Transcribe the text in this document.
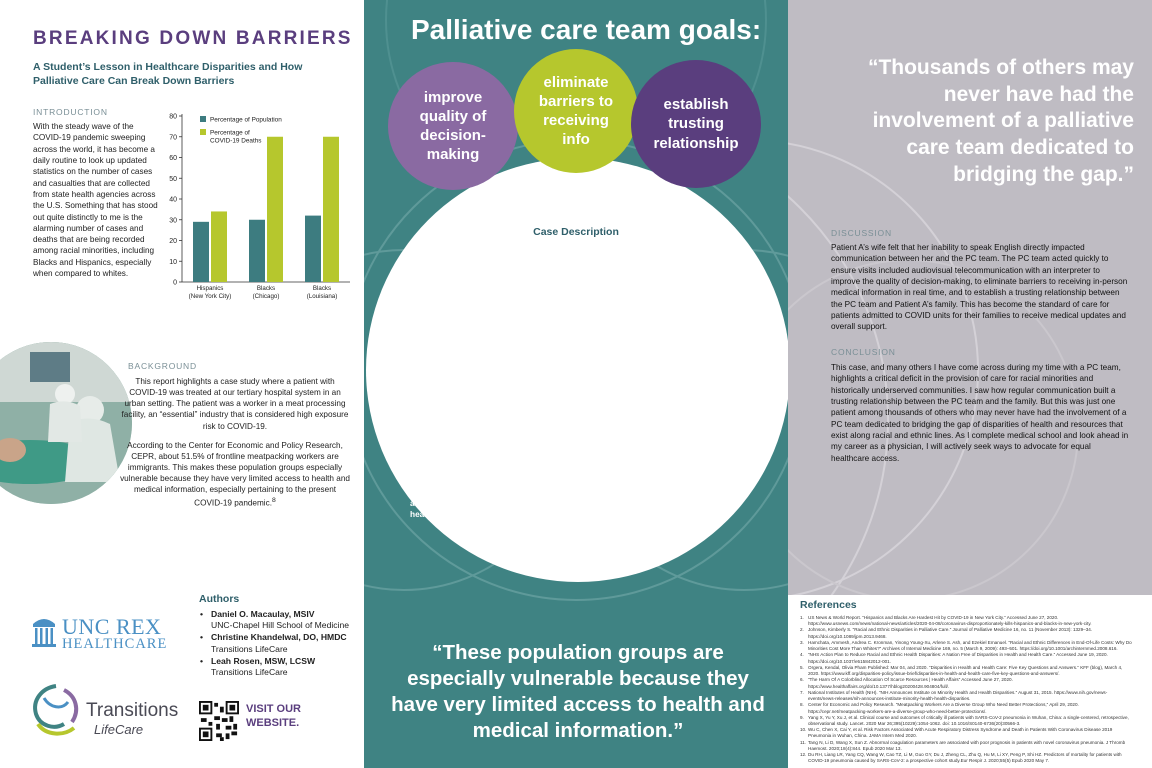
BREAKING DOWN BARRIERS
A Student’s Lesson in Healthcare Disparities and How Palliative Care Can Break Down Barriers
INTRODUCTION
With the steady wave of the COVID-19 pandemic sweeping across the world, it has become a daily routine to look up updated statistics on the number of cases and casualties that are collected from state health agencies across the U.S. Something that has stood out quite distinctly to me is the alarming number of cases and deaths that are being recorded among racial minorities, including Blacks and Hispanics, especially when compared to whites.
0
10
20
30
40
50
60
70
80
Hispanics
(New York City)
Blacks
(Chicago)
Blacks
(Louisiana)
Percentage of Population
Percentage of
COVID-19 Deaths
BACKGROUND

This report highlights a case study where a patient with COVID-19 was treated at our tertiary hospital system in an urban setting. The patient was a worker in a meat processing facility, an “essential” industry that is considered high exposure risk to COVID-19.

According to the Center for Economic and Policy Research, CEPR, about 51.5% of frontline meatpacking workers are immigrants. This makes these population groups especially vulnerable because they have very limited access to health and medical information, especially pertaining to the present COVID-19 pandemic.$^8$

Authors
• Daniel O. Macaulay, MSIV
UNC-Chapel Hill School of Medicine
• Christine Khandelwal, DO, HMDC
Transitions LifeCare
• Leah Rosen, MSW, LCSW
Transitions LifeCare
UNC REX
HEALTHCARE
Transitions
LifeCare
VISIT OUR
WEBSITE.
Palliative care team goals:
improve quality of decision-making
eliminate barriers to receiving info
establish trusting relationship
Case Description

Patient A, 50-year-old Hispanic male with a history of diabetes mellitus Type 2, was admitted following an out-of-hospital cardiac arrest. He lives in a multi-generation home. The palliative care (PC) team was consulted on ICU day five and became involved in the care for Patient A and his family. Due to public health care concerns, families were not permitted inside the hospital setting. The PC team was proactive in our involvement for patients like Patient A, particularly when English was not a primary language, because we recognized the high level of psychosocial distress associated with patients in an ICU.

Whenever possible, the PC team used audiovisual telecommunication visits with an interpreter to improve the quality of decision-making, to eliminate barriers to receiving in-person medical information in real time, and to establish a trusting relationship between the healthcare team and Patient A’s family.

I worked closely with Patient A’s wife. She stated eloquently and clearly with the team via phone, with the use of a Spanish interpreter, how difficult it was to “go about her day” and take care of her family while she worried about her husband and his condition, and anxiously awaited medical updates. At one point, she had waited more than 24 hours to hear from a medical provider, and this was agonizing and frustrating for her.

Patient A remained critically ill in the ICU for over a month, and the PC team remained involved with the care and support for Patient A and his family. Patient A died alone in the hospital, without his family at his bedside. The PC team offered bereavement services for Patient’s A family following his death using an interpreter and audio-visual telecommunication for his family.

“These population groups are especially vulnerable because they have very limited access to health and medical information.”
“Thousands of others may never have had the involvement of a palliative care team dedicated to bridging the gap.”
DISCUSSION
Patient A’s wife felt that her inability to speak English directly impacted communication between her and the PC team. The PC team acted quickly to ensure visits included audiovisual telecommunication with an interpreter to improve the quality of decision-making, to eliminate barriers to receiving in-person medical information in real time, and to establish a trusting relationship between the PC team and Patient A’s family. This has become the standard of care for patients admitted to COVID units for their families to receive medical updates and overall support.
CONCLUSION
This case, and many others I have come across during my time with a PC team, highlights a critical deficit in the provision of care for racial minorities and historically underserved communities. I saw how regular communication built a trusting relationship between the PC team and the family. But this was just one patient among thousands of others who may never have had the involvement of a PC team dedicated to bridging the gap of disparities of health and resources that exist along racial and ethnic lines. As I complete medical school and look ahead in my career as a physician, I will actively seek ways to advocate for equal healthcare access.
References
1. US News & World Report. “Hispanics and Blacks Are Hardest Hit by COVID-19 in New York City.” Accessed June 27, 2020. https://www.usnews.com/news/national-news/articles/2020-04-08/coronavirus-disproportionately-kills-hispanics-and-blacks-in-new-york-city.
2. Johnson, Kimberly S. “Racial and Ethnic Disparities in Palliative Care.” Journal of Palliative Medicine 16, no. 11 (November 2013): 1329–34. https://doi.org/10.1089/jpm.2013.9468.
3. Hamchata, Ammesh, Andrea C. Kronman, Yinong Young-Xu, Arlene S. Ash, and Ezekiel Emanuel. “Racial and Ethnic Differences in End-Of-Life Costs: Why Do Minorities Cost More Than Whites?” Archives of Internal Medicine 169, no. 5 (March 9, 2009): 493–501. https://doi.org/10.1001/archinternmed.2008.616.
4. “NHS Action Plan to Reduce Racial and Ethnic Health Disparities: A Nation Free of Disparities in Health and Health Care.” Accessed June 19, 2020. https://doi.org/10.1037/e515842012-001.
5. Orgera, Kendal, Olivia Pham Published: Mar 04, and 2020. “Disparities in Health and Health Care: Five Key Questions and Answers.” KFF (blog), March 4, 2020. https://www.kff.org/disparities-policy/issue-brief/disparities-in-health-and-health-care-five-key-questions-and-answers/.
6. “The Harm Of A Colorblind Allocation Of Scarce Resources | Health Affairs” Accessed June 27, 2020. https://www.healthaffairs.org/do/10.1377/hblog20200428.904804/full/.
7. National Institutes of Health (NIH). “NIH Announces Institute on Minority Health and Health Disparities.” August 31, 2015. https://www.nih.gov/news-events/news-releases/nih-announces-institute-minority-health-health-disparities.
8. Center for Economic and Policy Research. “Meatpacking Workers Are a Diverse Group Who Need Better Protections,” April 29, 2020. https://cepr.net/meatpacking-workers-are-a-diverse-group-who-need-better-protections/.
9. Yang X, Yu Y, Xu J, et al. Clinical course and outcomes of critically ill patients with SARS-CoV-2 pneumonia in Wuhan, China: a single-centered, retrospective, observational study. Lancet. 2020 Mar 26;395(10229):1054-1062. doi: 10.1016/S0140-6736(20)30566-3.
10. Wu C, Chen X, Cai Y, et al. Risk Factors Associated With Acute Respiratory Distress Syndrome and Death in Patients With Coronavirus Disease 2019 Pneumonia in Wuhan, China. JAMA Intern Med 2020.
11. Tang N, Li D, Wang X, Sun Z. Abnormal coagulation parameters are associated with poor prognosis in patients with novel coronavirus pneumonia. J Thromb Haemost. 2020;18(4):844. Epub 2020 Mar 13.
12. Du RH, Liang LR, Yang CQ, Wang W, Cao TZ, Li M, Guo GY, Du J, Zheng CL, Zhu Q, Hu M, Li XY, Peng P, Shi HZ. Predictors of mortality for patients with COVID-19 pneumonia caused by SARS-CoV-2: a prospective cohort study.Eur Respir J. 2020;55(5) Epub 2020 May 7.
